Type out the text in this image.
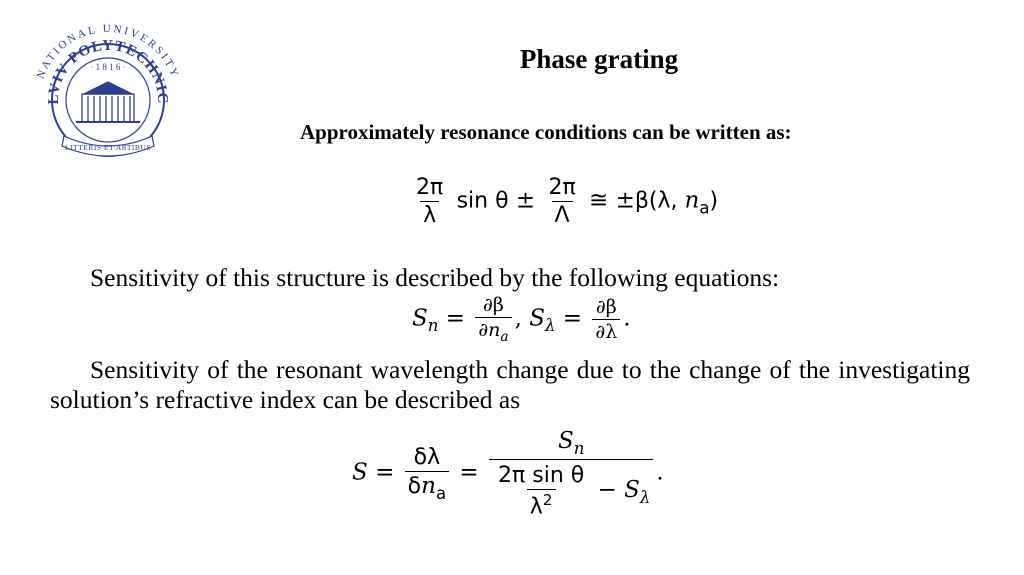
NATIONAL UNIVERSITY
LVIV POLYTECHNIC
· 1 8 1 6 ·
LITTERIS ET ARTIBUS
Phase grating
Approximately resonance conditions can be written as:
$\frac{2\pi}{\lambda}$ $\sin \theta \pm \frac{2\pi}{\Lambda}$ ≅ ±β(λ, $n_a$)
Sensitivity of this structure is described by the following equations:
$S_n = \frac{\partial\beta}{\partial n_a}$ , $S_\lambda = \frac{\partial\beta}{\partial\lambda}$ .
Sensitivity of the resonant wavelength change due to the change of the investigating solution’s refractive index can be described as
$S = \frac{\delta\lambda}{\delta n_a} = \frac{S_n}{\frac{\text{2π sin θ}}{\lambda^2} - S_\lambda}$ .
